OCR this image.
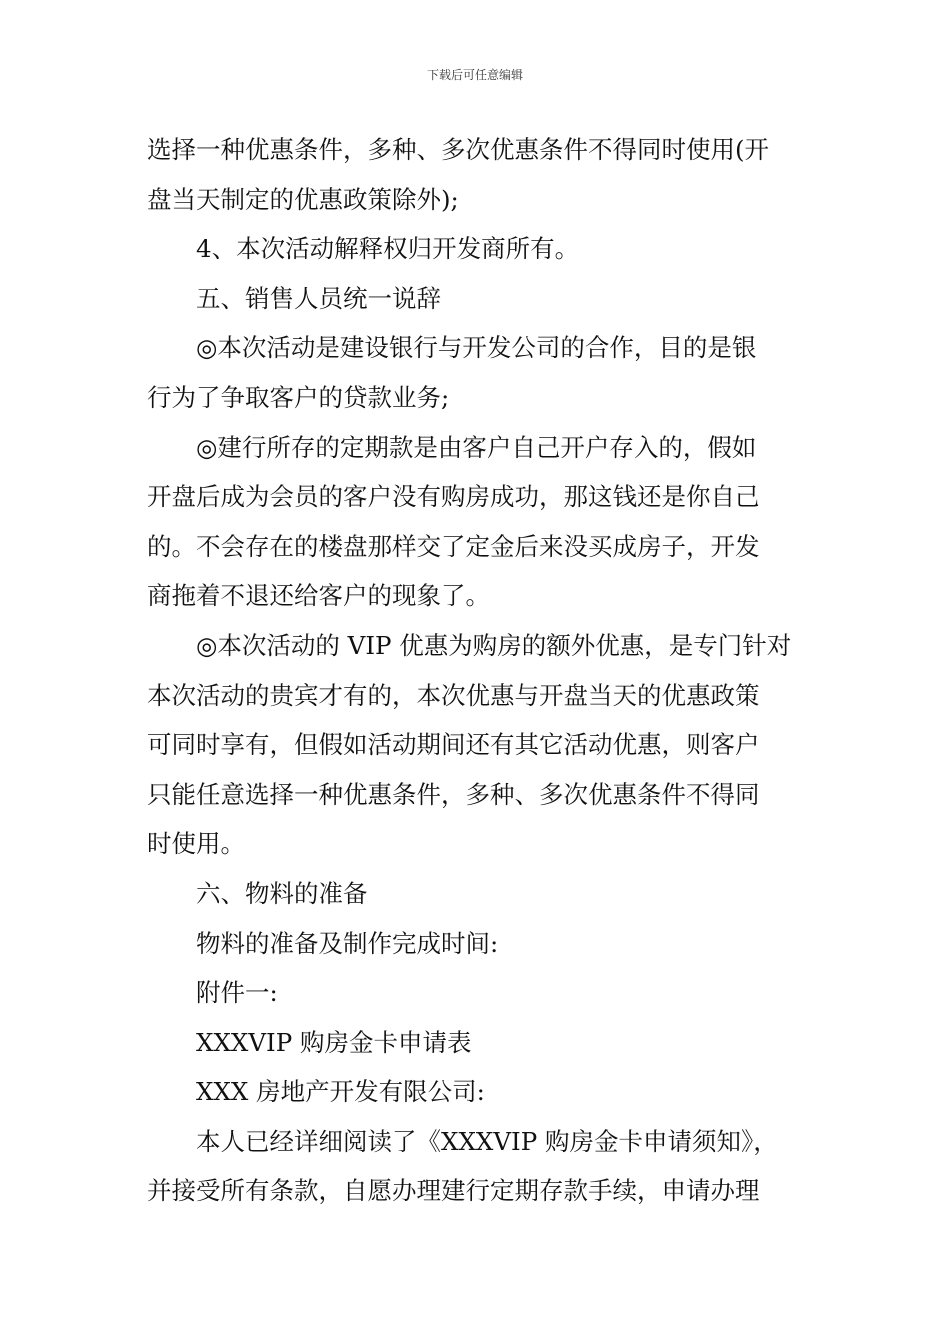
下载后可任意编辑
选择一种优惠条件，多种、多次优惠条件不得同时使用(开
盘当天制定的优惠政策除外);
4、本次活动解释权归开发商所有。
五、销售人员统一说辞
◎本次活动是建设银行与开发公司的合作，目的是银
行为了争取客户的贷款业务;
◎建行所存的定期款是由客户自己开户存入的，假如
开盘后成为会员的客户没有购房成功，那这钱还是你自己
的。不会存在的楼盘那样交了定金后来没买成房子，开发
商拖着不退还给客户的现象了。
◎本次活动的 VIP 优惠为购房的额外优惠，是专门针对
本次活动的贵宾才有的，本次优惠与开盘当天的优惠政策
可同时享有，但假如活动期间还有其它活动优惠，则客户
只能任意选择一种优惠条件，多种、多次优惠条件不得同
时使用。
六、物料的准备
物料的准备及制作完成时间:
附件一:
XXXVIP 购房金卡申请表
XXX 房地产开发有限公司:
本人已经详细阅读了《XXXVIP 购房金卡申请须知》，
并接受所有条款，自愿办理建行定期存款手续，申请办理
